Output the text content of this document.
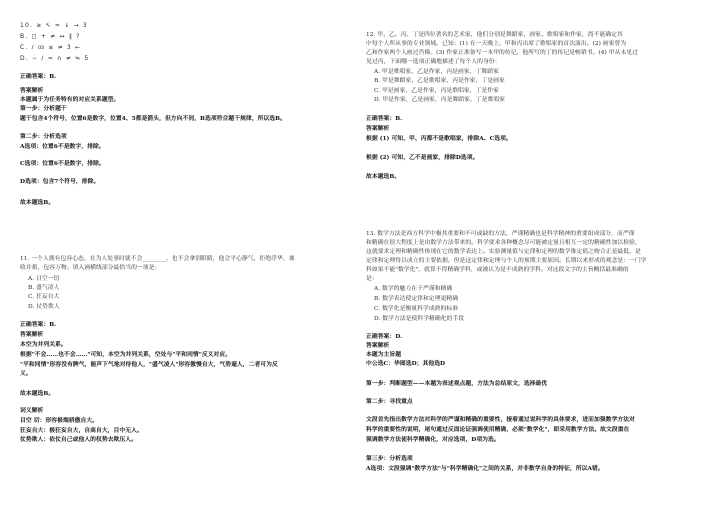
10. ≥ ↖ ≈ ↓ → 3
B. ◻ + ≠ ↔ ∥ ?
C. ∕ ㎝ ≤ ≠ 3 ←
D. ∽ ∕ ≈ ∩ ≠ ≒ 5
正确答案：B.
答案解析
本题属于为任务特有的对应关系题型。
第一步：分析题干
题干包含4个符号，位置6是数字，位置4、5都是箭头，但方向不同，B选项符合题干规律，所以选B。
第二步：分析选项
A选项：位置6不是数字，排除。
C选项：位置6不是数字，排除。
D选项：包含7个符号，排除。
故本题选B。
11. 一个人拥有包容心态，在为人处事时就不会________，也不会拿别眼睛，他会平心静气，拒绝浮华，兼
收并蓄，包容万物。填入画横线部分最恰当的一项是：
A. 日空一切
B. 盛气凌人
C. 狂妄自大
D. 仗势欺人
正确答案：B.
答案解析
本空为并列关系。
根据"不会……也不会……"可知，本空为并列关系，空处与"平和同情"反义对应。
"平和同情"形容没有脾气，能声下气地对待他人，"盛气凌人"形容傲慢自大，气势逼人，二者可为反
义。
故本题选B。
词义解析
目空 切：形容极端骄傲自大。
狂妄自大：极狂妄自大，自高自大，目中无人。
仗势欺人：依仗自己或他人的权势去欺压人。
12. 甲、乙、丙、丁是四位著名的艺术家，他们分别是舞蹈家、画家、歌唱家和作家，尚不能确定其
中每个人所从事的专业领域。已知：(1) 在一天晚上，甲和丙出席了歌唱家的首次演出。(2) 画家曾为
乙和作家两个人画过肖像。(3) 作家正准备写一本甲的传记，他所写的丁的传记是畅销书。(4) 甲从未见过
见过丙，下面哪一选项正确地描述了每个人的身份：
A. 甲是歌唱家，乙是作家，丙是画家，丁舞蹈家
B. 甲是舞蹈家，乙是歌唱家，丙是作家，丁是画家
C. 甲是画家，乙是作家，丙是歌唱家，丁是作家
D. 甲是作家，乙是画家，丙是舞蹈家，丁是歌唱家
正确答案：B.
答案解析
根据 (1) 可知，甲、丙都不是歌唱家，排除A、C选项。
根据 (2) 可知，乙不是画家，排除D选项。
故本题选B。
13. 数学方法是西方科学中极其重要和不可或缺的方法，严谨精确也是科学精神的重要组成部分，而严谨
和精确在很大程度上是由数学方法带来的。科学要求各种概念尽可能被定量且相互一定的精确性加以检验，
这就要求定理和精确性体现在它的数学表达上。实验测量值与定律和定理的数学推定值之吻合正是最低，是
定律和定理得以成立的主要依据，但是这定律和定理与个人的预期主要原因。长期以来形成的观念是：一门学
科如果不能"数学化"，就算不得精确学科，或被认为是不成熟的学科。对这段文字的主旨概括最准确的
是：
A. 数学的魅力在于严谨和精确
B. 数学表达使定律和定理更精确
C. 数学化是衡量科学成熟的标准
D. 数学方法是使科学精确化的手段
正确答案：D.
答案解析
本题为主旨题
中公选C：华图选D；其他选D
第一步：判断题型——本题为表述观点题，方法为总结原文，选择最优
第二步：寻找重点
文段首先指出数学方法对科学的严谨和精确的重要性，接着通过说科学的具体要求，进而加强数学方法对
科学的重要性的说明，尾句通过反面论证强调使用精确，必须"数学化"，即采用数学方法。故文段重在
强调数学方法使科学精确化，对应选项，D项为选。
第三步：分析选项
A选项：文段强调"数学方法"与"科学精确化"之间的关系，并非数学自身的特征，所以A错。
